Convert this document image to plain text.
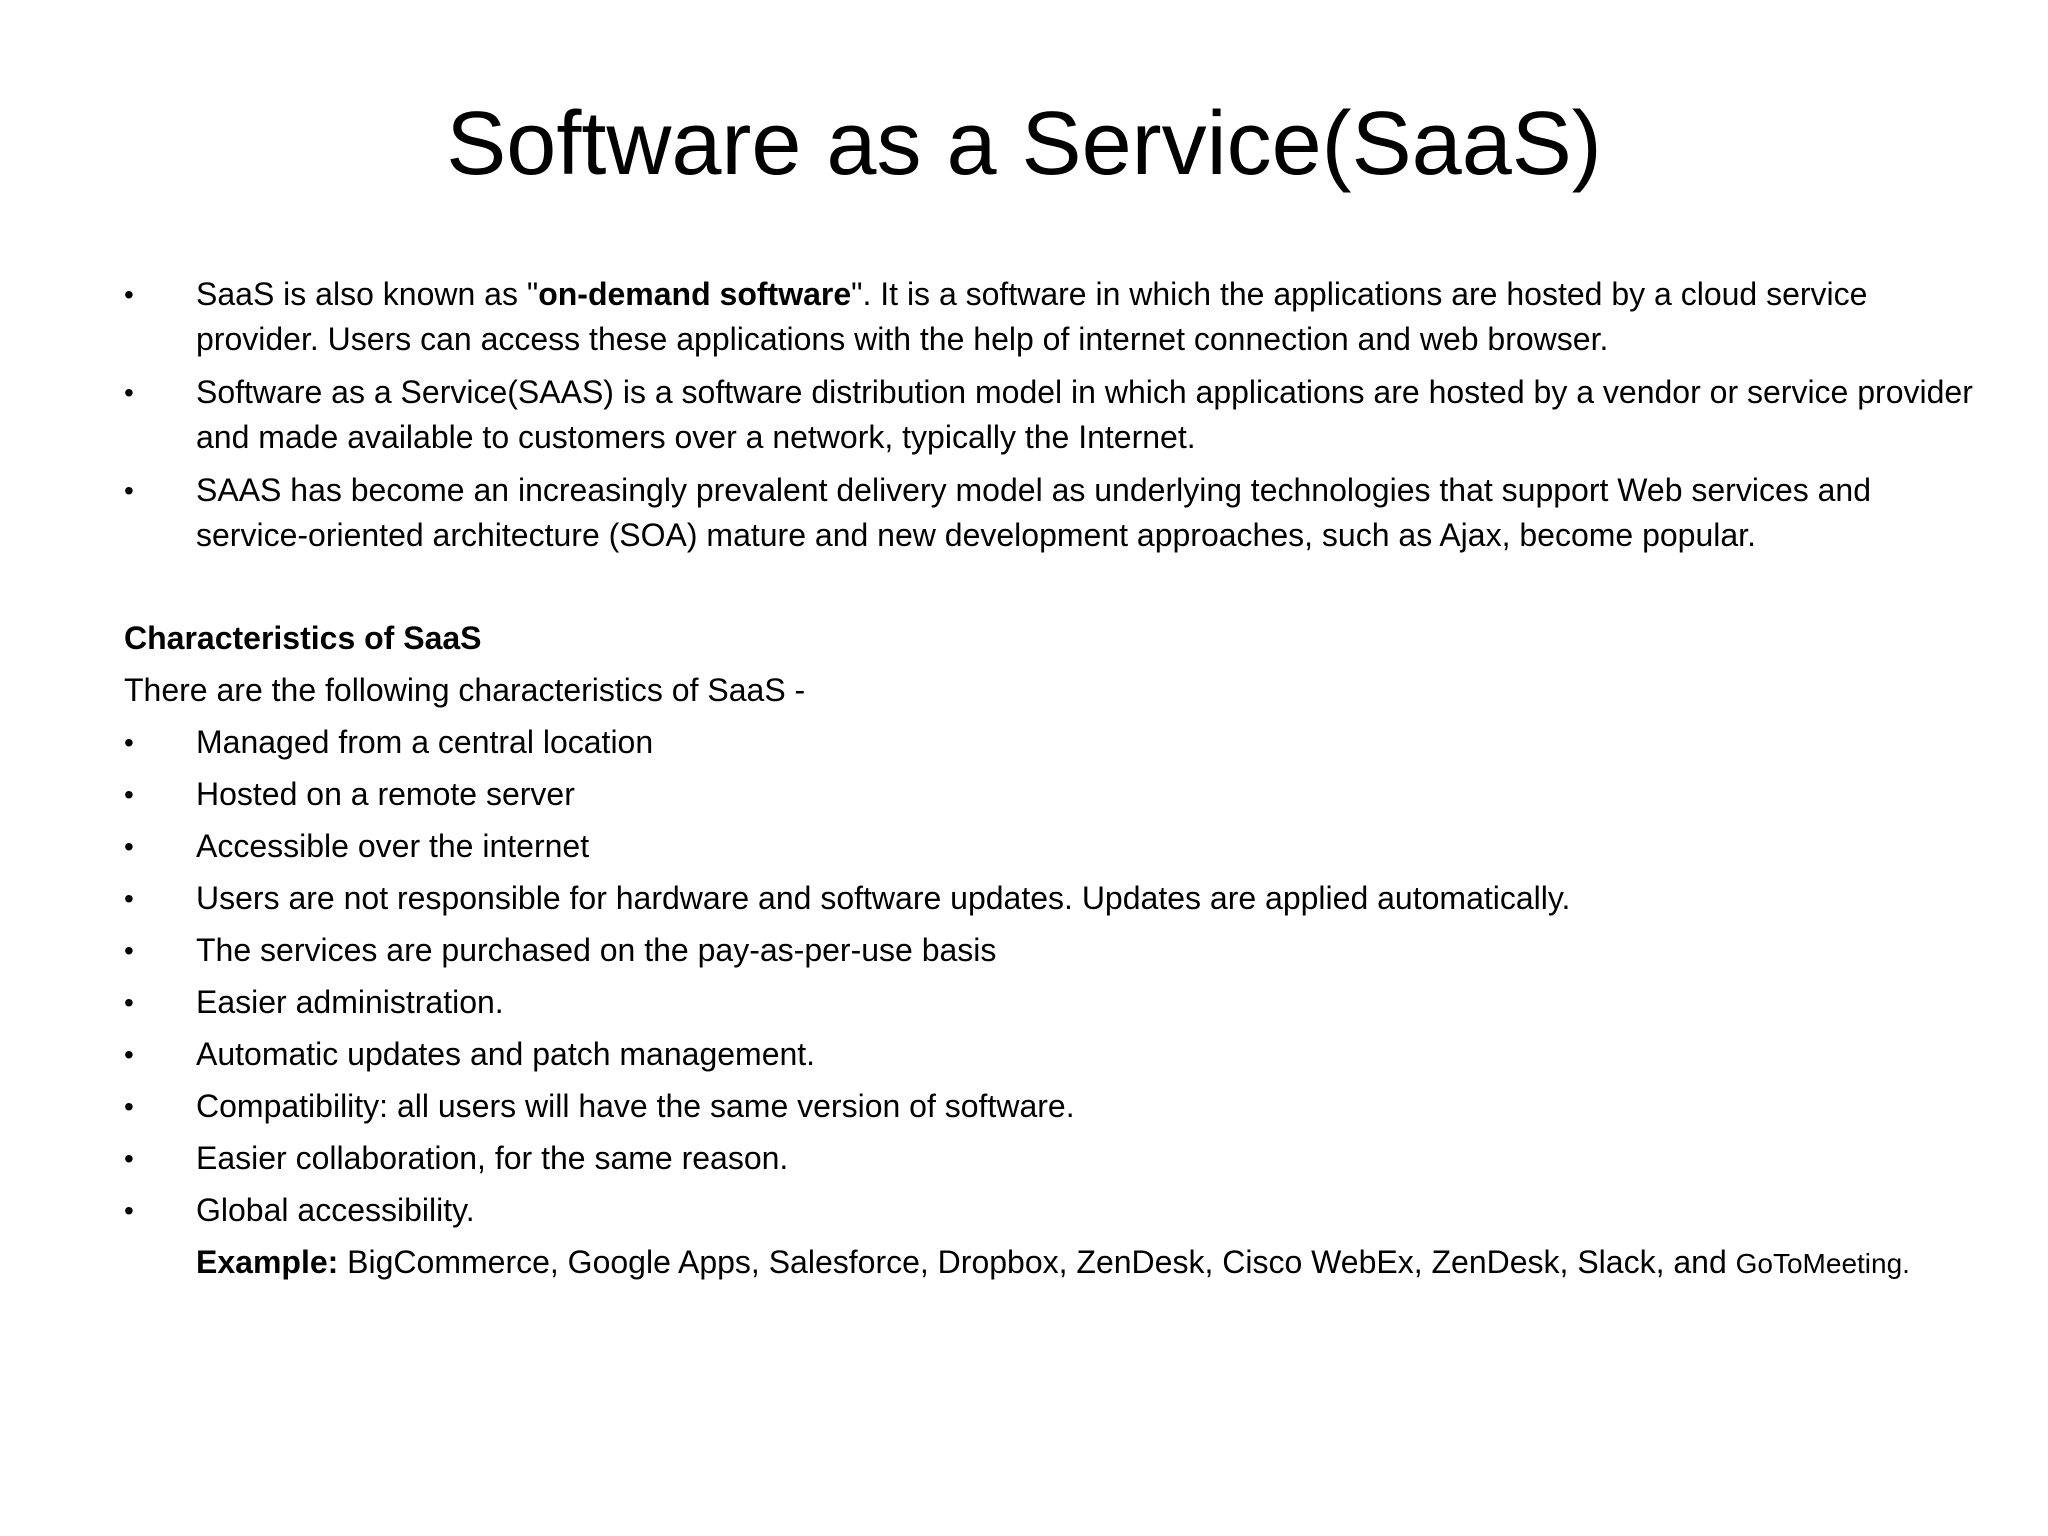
Software as a Service(SaaS)
• SaaS is also known as "on-demand software". It is a software in which the applications are hosted by a cloud service provider. Users can access these applications with the help of internet connection and web browser.
• Software as a Service(SAAS) is a software distribution model in which applications are hosted by a vendor or service provider and made available to customers over a network, typically the Internet.
• SAAS has become an increasingly prevalent delivery model as underlying technologies that support Web services and service-oriented architecture (SOA) mature and new development approaches, such as Ajax, become popular.
Characteristics of SaaS
There are the following characteristics of SaaS -
• Managed from a central location
• Hosted on a remote server
• Accessible over the internet
• Users are not responsible for hardware and software updates. Updates are applied automatically.
• The services are purchased on the pay-as-per-use basis
• Easier administration.
• Automatic updates and patch management.
• Compatibility: all users will have the same version of software.
• Easier collaboration, for the same reason.
• Global accessibility.
Example: BigCommerce, Google Apps, Salesforce, Dropbox, ZenDesk, Cisco WebEx, ZenDesk, Slack, and GoToMeeting.
